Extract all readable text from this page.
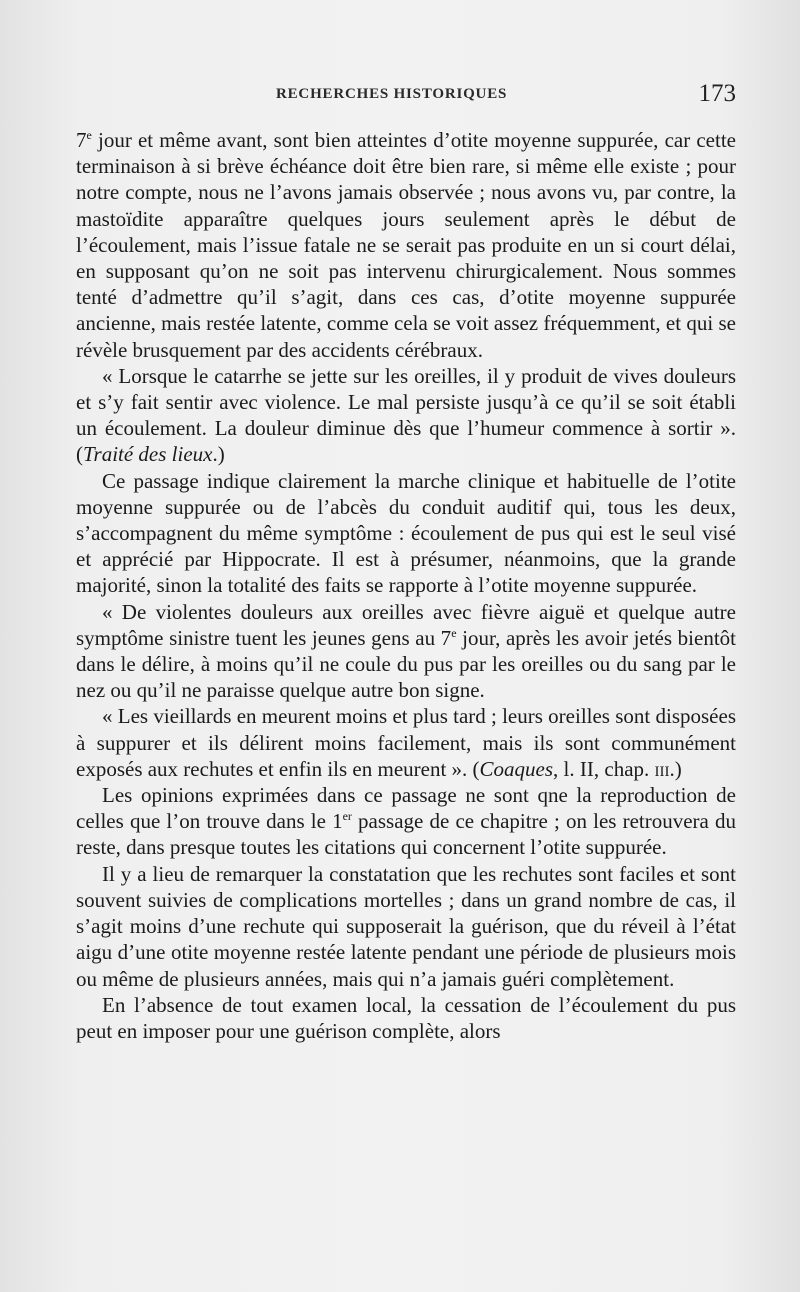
RECHERCHES HISTORIQUES	173

7e jour et même avant, sont bien atteintes d’otite moyenne suppurée, car cette terminaison à si brève échéance doit être bien rare, si même elle existe ; pour notre compte, nous ne l’avons jamais observée ; nous avons vu, par contre, la mastoïdite apparaître quelques jours seulement après le début de l’écoulement, mais l’issue fatale ne se serait pas produite en un si court délai, en supposant qu’on ne soit pas intervenu chirurgicalement. Nous sommes tenté d’admettre qu’il s’agit, dans ces cas, d’otite moyenne suppurée ancienne, mais restée latente, comme cela se voit assez fréquemment, et qui se révèle brusquement par des accidents cérébraux.

« Lorsque le catarrhe se jette sur les oreilles, il y produit de vives douleurs et s’y fait sentir avec violence. Le mal persiste jusqu’à ce qu’il se soit établi un écoulement. La douleur diminue dès que l’humeur commence à sortir ». (Traité des lieux.)

Ce passage indique clairement la marche clinique et habituelle de l’otite moyenne suppurée ou de l’abcès du conduit auditif qui, tous les deux, s’accompagnent du même symptôme : écoulement de pus qui est le seul visé et apprécié par Hippocrate. Il est à présumer, néanmoins, que la grande majorité, sinon la totalité des faits se rapporte à l’otite moyenne suppurée.

« De violentes douleurs aux oreilles avec fièvre aiguë et quelque autre symptôme sinistre tuent les jeunes gens au 7e jour, après les avoir jetés bientôt dans le délire, à moins qu’il ne coule du pus par les oreilles ou du sang par le nez ou qu’il ne paraisse quelque autre bon signe.

« Les vieillards en meurent moins et plus tard ; leurs oreilles sont disposées à suppurer et ils délirent moins facilement, mais ils sont communément exposés aux rechutes et enfin ils en meurent ». (Coaques, l. II, chap. iii.)

Les opinions exprimées dans ce passage ne sont qne la reproduction de celles que l’on trouve dans le 1er passage de ce chapitre ; on les retrouvera du reste, dans presque toutes les citations qui concernent l’otite suppurée.

Il y a lieu de remarquer la constatation que les rechutes sont faciles et sont souvent suivies de complications mortelles ; dans un grand nombre de cas, il s’agit moins d’une rechute qui supposerait la guérison, que du réveil à l’état aigu d’une otite moyenne restée latente pendant une période de plusieurs mois ou même de plusieurs années, mais qui n’a jamais guéri complètement.

En l’absence de tout examen local, la cessation de l’écoulement du pus peut en imposer pour une guérison complète, alors
